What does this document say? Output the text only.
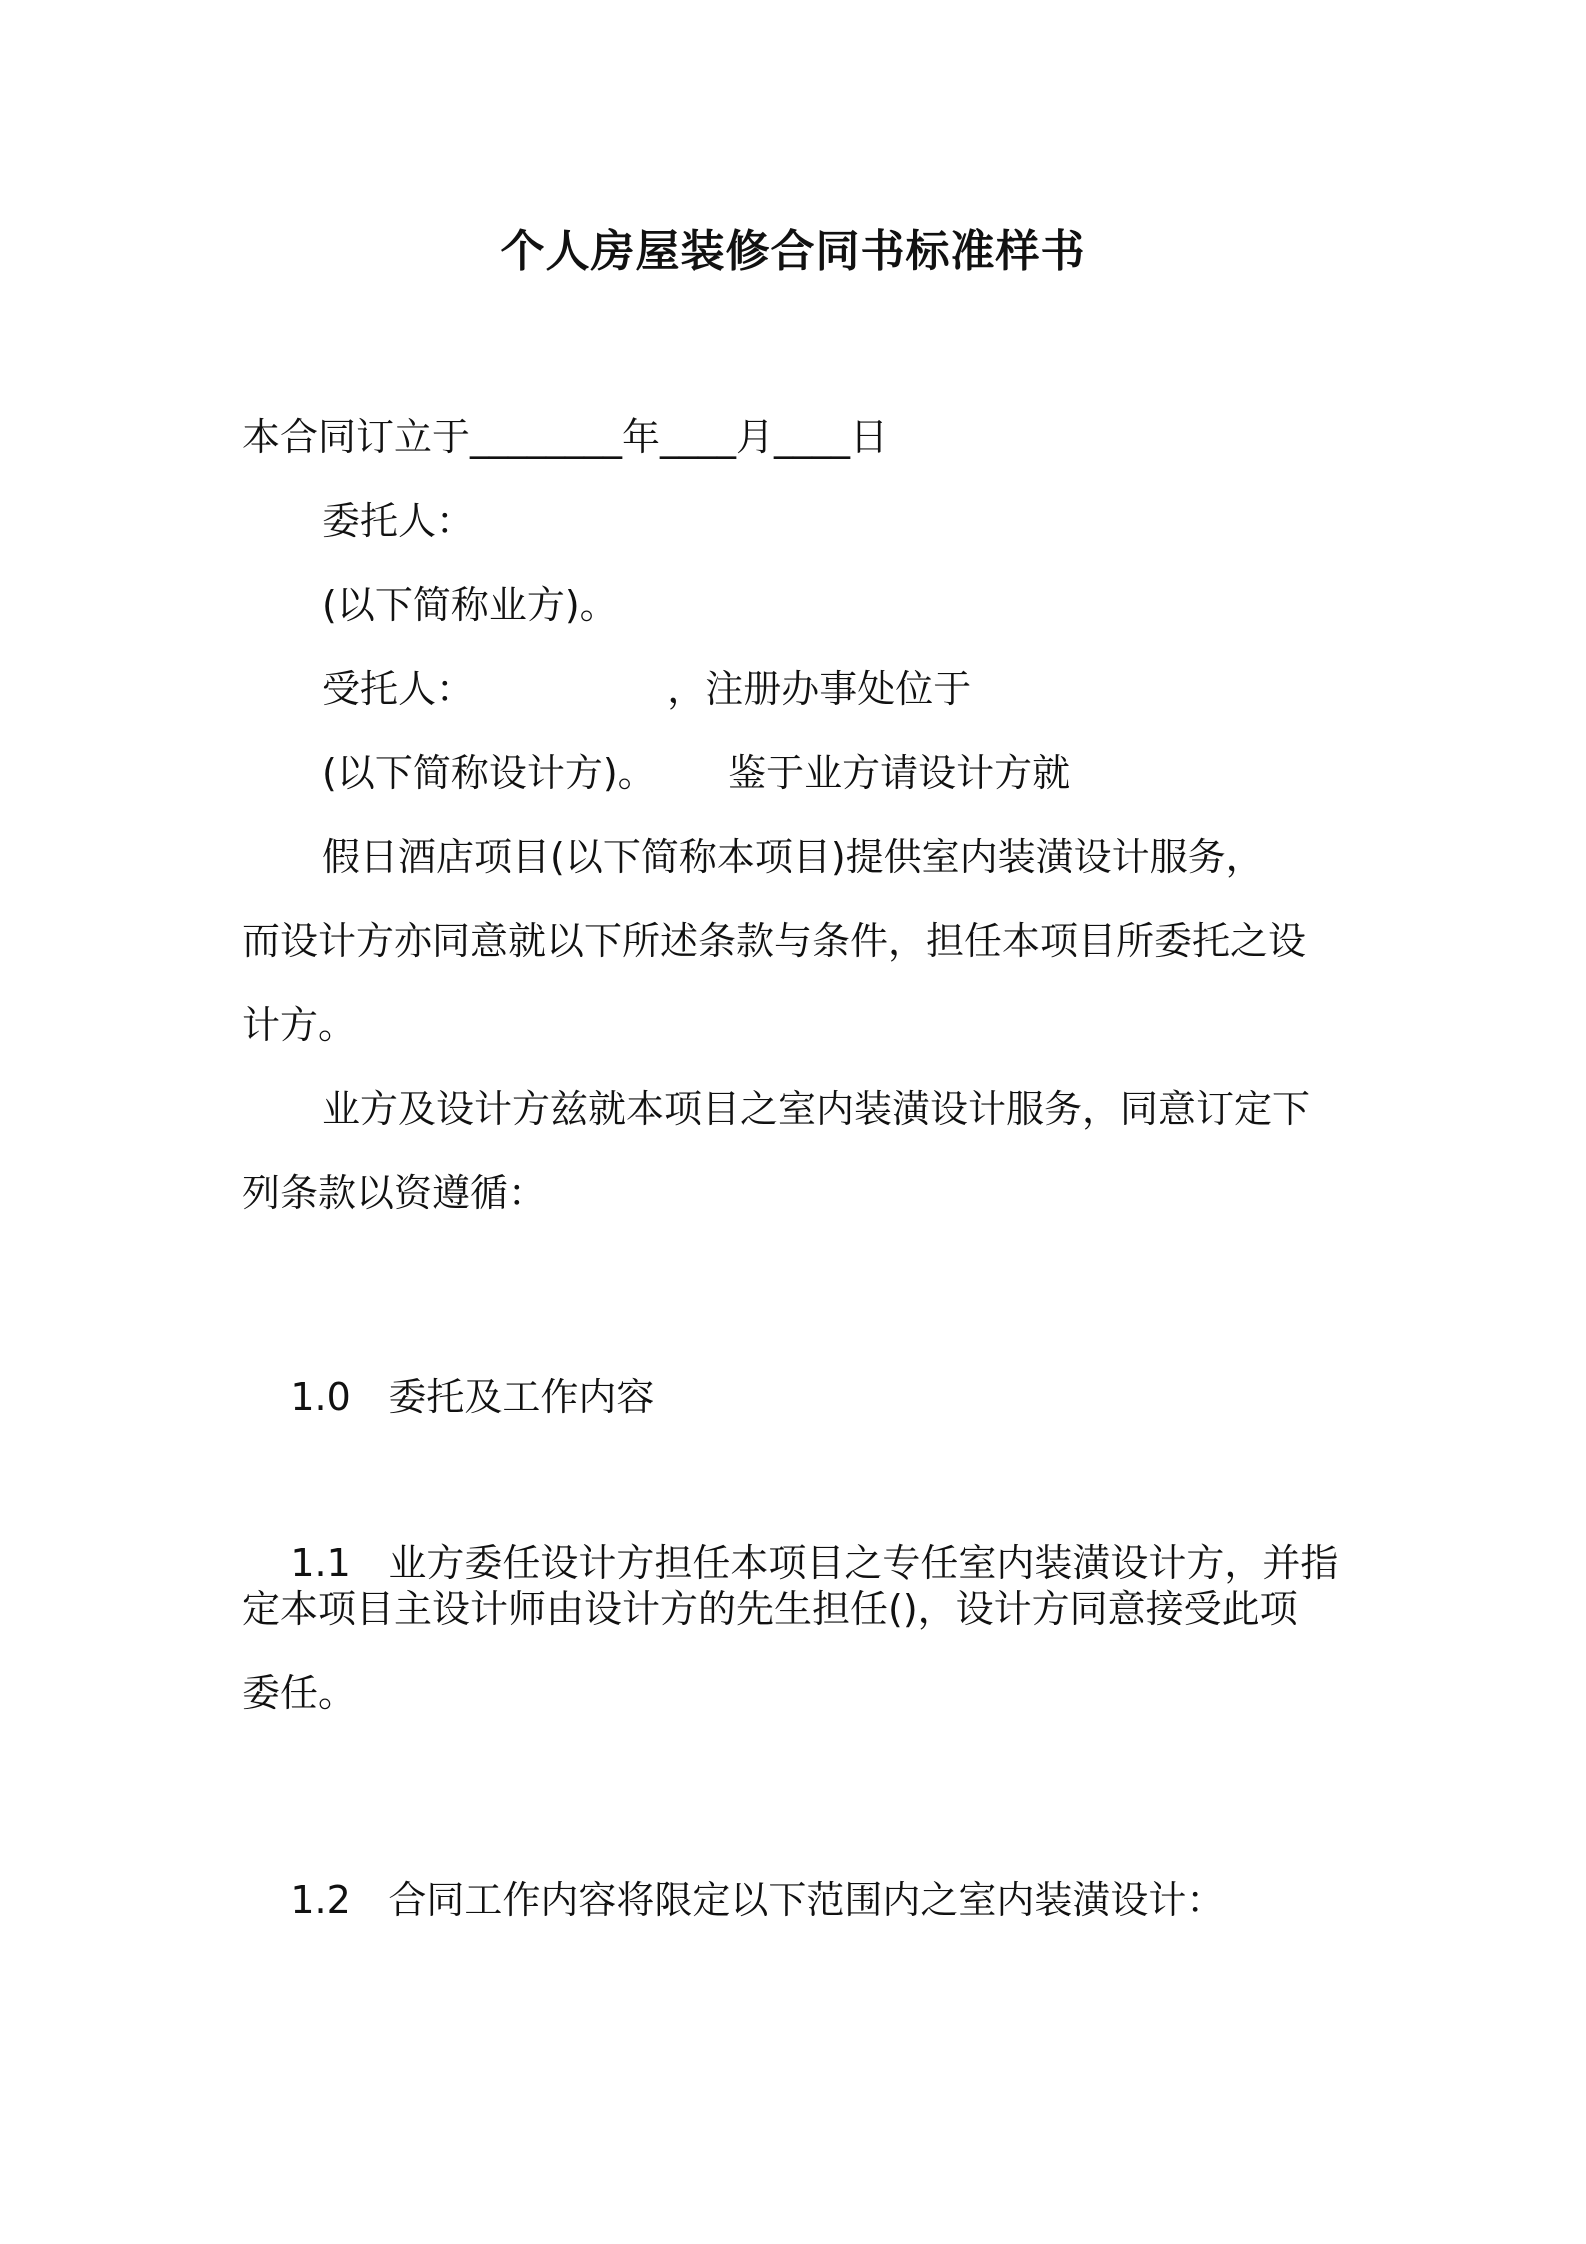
个人房屋装修合同书标准样书
本合同订立于________年____月____日
委托人：
(以下简称业方)。
受托人：                ，注册办事处位于
(以下简称设计方)。      鉴于业方请设计方就
假日酒店项目(以下简称本项目)提供室内装潢设计服务，
而设计方亦同意就以下所述条款与条件，担任本项目所委托之设
计方。
业方及设计方兹就本项目之室内装潢设计服务，同意订定下
列条款以资遵循：

1.0 委托及工作内容

1.1 业方委任设计方担任本项目之专任室内装潢设计方，并指

定本项目主设计师由设计方的先生担任()，设计方同意接受此项
委任。

1.2 合同工作内容将限定以下范围内之室内装潢设计：
